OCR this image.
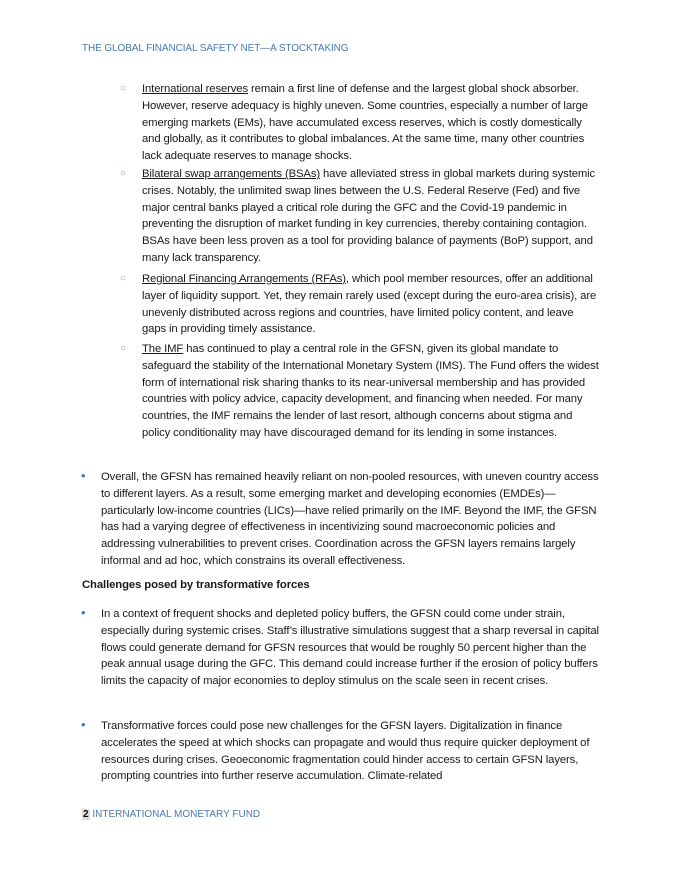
THE GLOBAL FINANCIAL SAFETY NET—A STOCKTAKING
○ International reserves remain a first line of defense and the largest global shock absorber. However, reserve adequacy is highly uneven. Some countries, especially a number of large emerging markets (EMs), have accumulated excess reserves, which is costly domestically and globally, as it contributes to global imbalances. At the same time, many other countries lack adequate reserves to manage shocks.
○ Bilateral swap arrangements (BSAs) have alleviated stress in global markets during systemic crises. Notably, the unlimited swap lines between the U.S. Federal Reserve (Fed) and five major central banks played a critical role during the GFC and the Covid-19 pandemic in preventing the disruption of market funding in key currencies, thereby containing contagion. BSAs have been less proven as a tool for providing balance of payments (BoP) support, and many lack transparency.
○ Regional Financing Arrangements (RFAs), which pool member resources, offer an additional layer of liquidity support. Yet, they remain rarely used (except during the euro-area crisis), are unevenly distributed across regions and countries, have limited policy content, and leave gaps in providing timely assistance.
○ The IMF has continued to play a central role in the GFSN, given its global mandate to safeguard the stability of the International Monetary System (IMS). The Fund offers the widest form of international risk sharing thanks to its near-universal membership and has provided countries with policy advice, capacity development, and financing when needed. For many countries, the IMF remains the lender of last resort, although concerns about stigma and policy conditionality may have discouraged demand for its lending in some instances.
• Overall, the GFSN has remained heavily reliant on non-pooled resources, with uneven country access to different layers. As a result, some emerging market and developing economies (EMDEs)—particularly low-income countries (LICs)—have relied primarily on the IMF. Beyond the IMF, the GFSN has had a varying degree of effectiveness in incentivizing sound macroeconomic policies and addressing vulnerabilities to prevent crises. Coordination across the GFSN layers remains largely informal and ad hoc, which constrains its overall effectiveness.
Challenges posed by transformative forces
• In a context of frequent shocks and depleted policy buffers, the GFSN could come under strain, especially during systemic crises. Staff’s illustrative simulations suggest that a sharp reversal in capital flows could generate demand for GFSN resources that would be roughly 50 percent higher than the peak annual usage during the GFC. This demand could increase further if the erosion of policy buffers limits the capacity of major economies to deploy stimulus on the scale seen in recent crises.
• Transformative forces could pose new challenges for the GFSN layers. Digitalization in finance accelerates the speed at which shocks can propagate and would thus require quicker deployment of resources during crises. Geoeconomic fragmentation could hinder access to certain GFSN layers, prompting countries into further reserve accumulation. Climate-related
2 INTERNATIONAL MONETARY FUND
